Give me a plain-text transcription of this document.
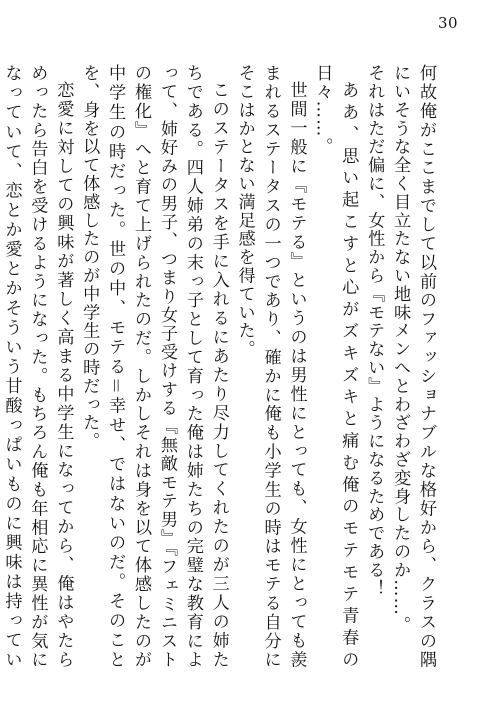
30

何故俺がここまでして以前のファッショナブルな格好から、クラスの隅にいそうな全く目立たない地味メンへとわざわざ変身したのか……。

それはただ偏に、女性から『モテない』ようになるためである！

ああ、思い起こすと心がズキズキと痛む俺のモテモテ青春の日々……。

世間一般に『モテる』というのは男性にとっても、女性にとっても羨まれるステータスの一つであり、確かに俺も小学生の時はモテる自分にそこはかとない満足感を得ていた。

このステータスを手に入れるにあたり尽力してくれたのが三人の姉たちである。四人姉弟の末っ子として育った俺は姉たちの完璧な教育によって、姉好みの男子、つまり女子受けする『無敵モテ男』『フェミニストの権化』へと育て上げられたのだ。しかしそれは身を以て体感したのが中学生の時だった。世の中、モテる＝幸せ、ではないのだ。そのことを、身を以て体感したのが中学生の時だった。

恋愛に対しての興味が著しく高まる中学生になってから、俺はやたらめったら告白を受けるようになった。もちろん俺も年相応に異性が気になっていて、恋とか愛とかそういう甘酸っぱいものに興味は持ってい
